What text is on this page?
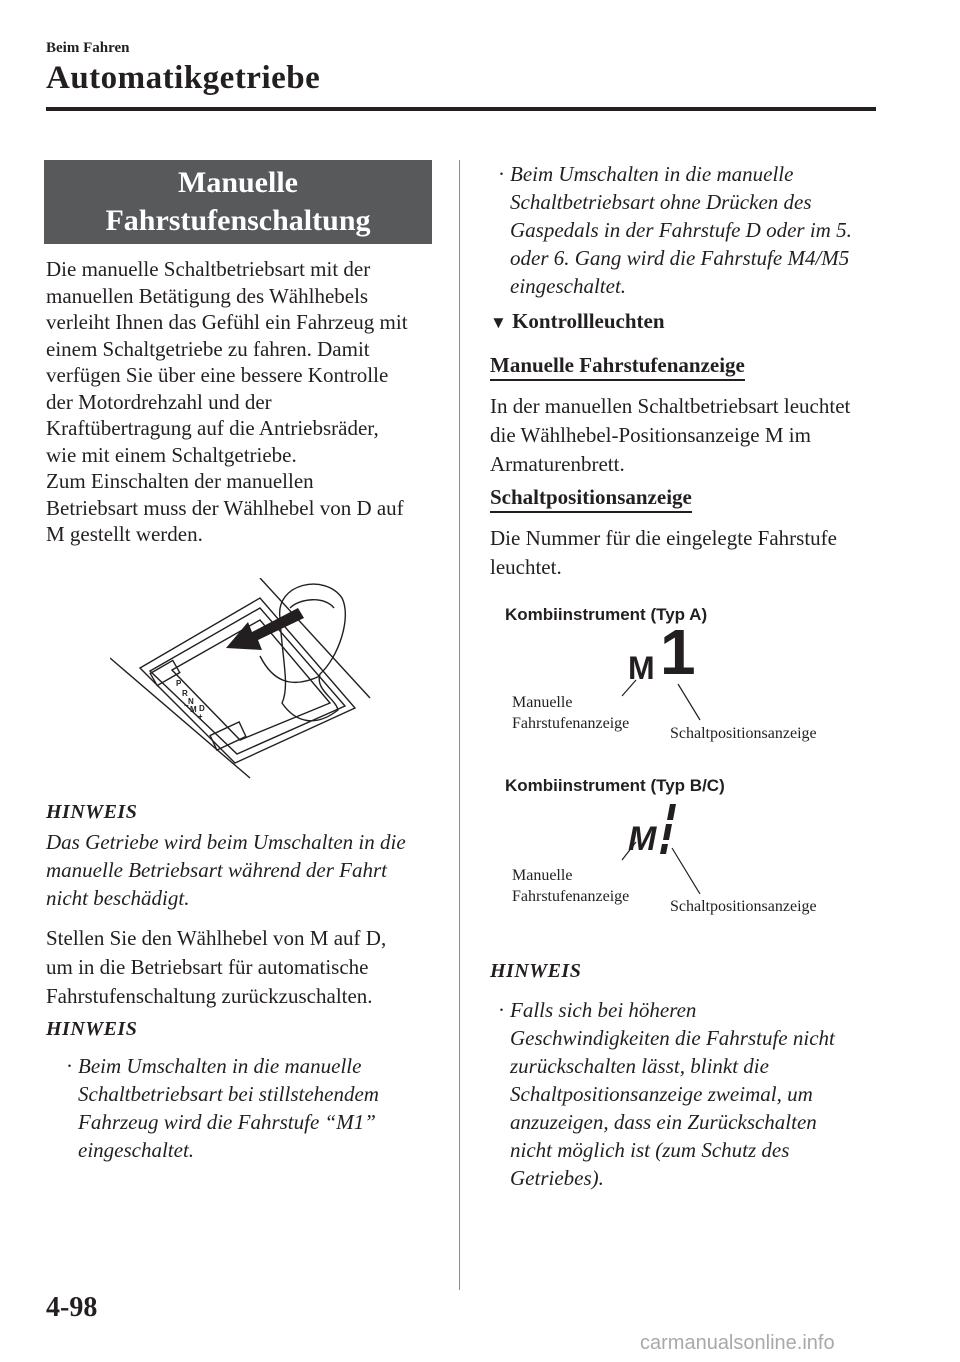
Beim Fahren
Automatikgetriebe
Manuelle
Fahrstufenschaltung
Die manuelle Schaltbetriebsart mit der
manuellen Betätigung des Wählhebels
verleiht Ihnen das Gefühl ein Fahrzeug mit
einem Schaltgetriebe zu fahren. Damit
verfügen Sie über eine bessere Kontrolle
der Motordrehzahl und der
Kraftübertragung auf die Antriebsräder,
wie mit einem Schaltgetriebe.
Zum Einschalten der manuellen
Betriebsart muss der Wählhebel von D auf
M gestellt werden.
P
R
N
D
M
+
−
HINWEIS
Das Getriebe wird beim Umschalten in die
manuelle Betriebsart während der Fahrt
nicht beschädigt.
Stellen Sie den Wählhebel von M auf D,
um in die Betriebsart für automatische
Fahrstufenschaltung zurückzuschalten.
HINWEIS
· Beim Umschalten in die manuelle
Schaltbetriebsart bei stillstehendem
Fahrzeug wird die Fahrstufe “M1”
eingeschaltet.
· Beim Umschalten in die manuelle
Schaltbetriebsart ohne Drücken des
Gaspedals in der Fahrstufe D oder im 5.
oder 6. Gang wird die Fahrstufe M4/M5
eingeschaltet.
▼ Kontrollleuchten
Manuelle Fahrstufenanzeige
In der manuellen Schaltbetriebsart leuchtet
die Wählhebel-Positionsanzeige M im
Armaturenbrett.
Schaltpositionsanzeige
Die Nummer für die eingelegte Fahrstufe
leuchtet.
Kombiinstrument (Typ A)
M 1
Manuelle
Fahrstufenanzeige
Schaltpositionsanzeige
Kombiinstrument (Typ B/C)
M
Manuelle
Fahrstufenanzeige
Schaltpositionsanzeige
HINWEIS
· Falls sich bei höheren
Geschwindigkeiten die Fahrstufe nicht
zurückschalten lässt, blinkt die
Schaltpositionsanzeige zweimal, um
anzuzeigen, dass ein Zurückschalten
nicht möglich ist (zum Schutz des
Getriebes).
4-98
carmanualsonline.info
